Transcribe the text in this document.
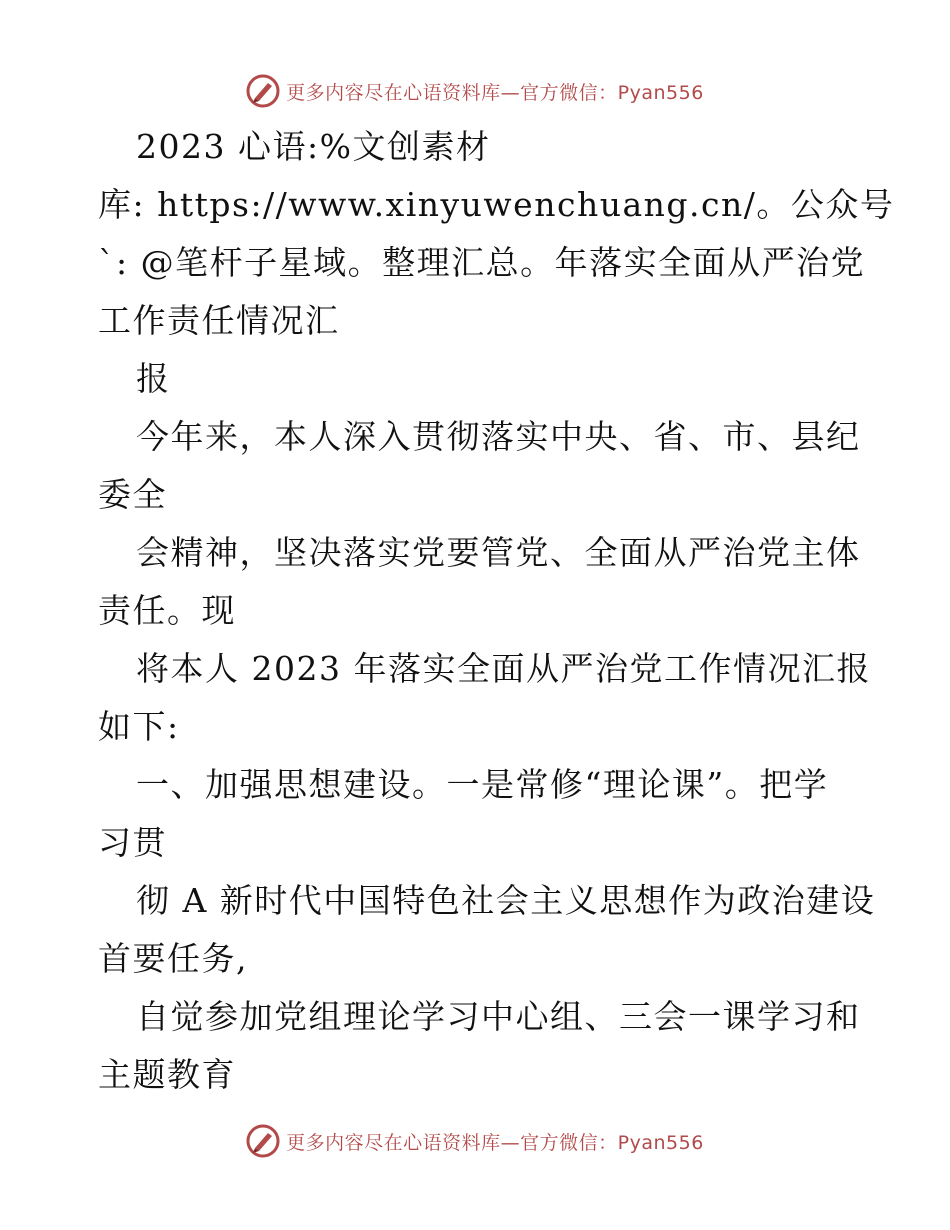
更多内容尽在心语资料库—官方微信：Pyan556

2023 心语:%文创素材

库: https://www.xinyuwenchuang.cn/。公众号

`: @笔杆子星域。整理汇总。年落实全面从严治党

工作责任情况汇

报

今年来，本人深入贯彻落实中央、省、市、县纪

委全

会精神，坚决落实党要管党、全面从严治党主体

责任。现

将本人 2023 年落实全面从严治党工作情况汇报

如下:

一、加强思想建设。一是常修“理论课”。把学

习贯

彻 A 新时代中国特色社会主义思想作为政治建设

首要任务,

自觉参加党组理论学习中心组、三会一课学习和

主题教育

更多内容尽在心语资料库—官方微信：Pyan556
